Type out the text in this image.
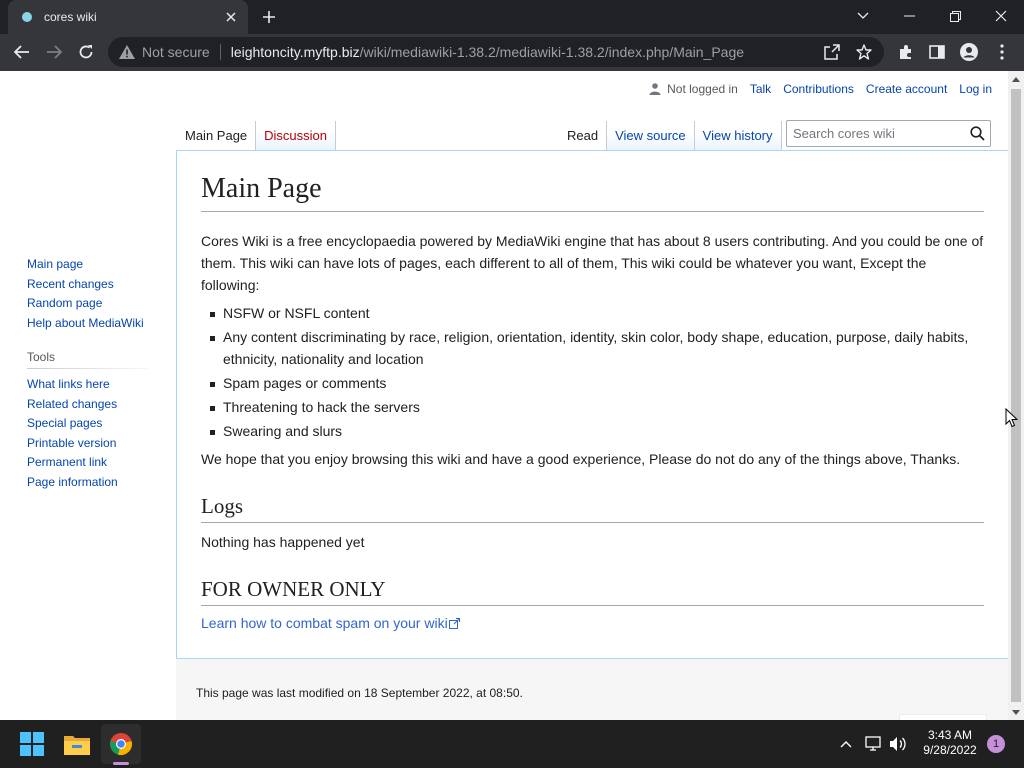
cores wiki
Not secure leightoncity.myftp.biz /wiki/mediawiki-1.38.2/mediawiki-1.38.2/index.php/Main_Page
Not logged in Talk Contributions Create account Log in
Main Page	Discussion	Read	View source	View history	Search cores wiki
Main Page

Cores Wiki is a free encyclopaedia powered by MediaWiki engine that has about 8 users contributing. And you could be one of them. This wiki can have lots of pages, each different to all of them, This wiki could be whatever you want, Except the following:

NSFW or NSFL content
Any content discriminating by race, religion, orientation, identity, skin color, body shape, education, purpose, daily habits, ethnicity, nationality and location
Spam pages or comments
Threatening to hack the servers
Swearing and slurs

We hope that you enjoy browsing this wiki and have a good experience, Please do not do any of the things above, Thanks.

Logs

Nothing has happened yet

FOR OWNER ONLY

Learn how to combat spam on your wiki

This page was last modified on 18 September 2022, at 08:50.
Main page
Recent changes
Random page
Help about MediaWiki
Tools
What links here
Related changes
Special pages
Printable version
Permanent link
Page information
3:43 AM
9/28/2022	1
